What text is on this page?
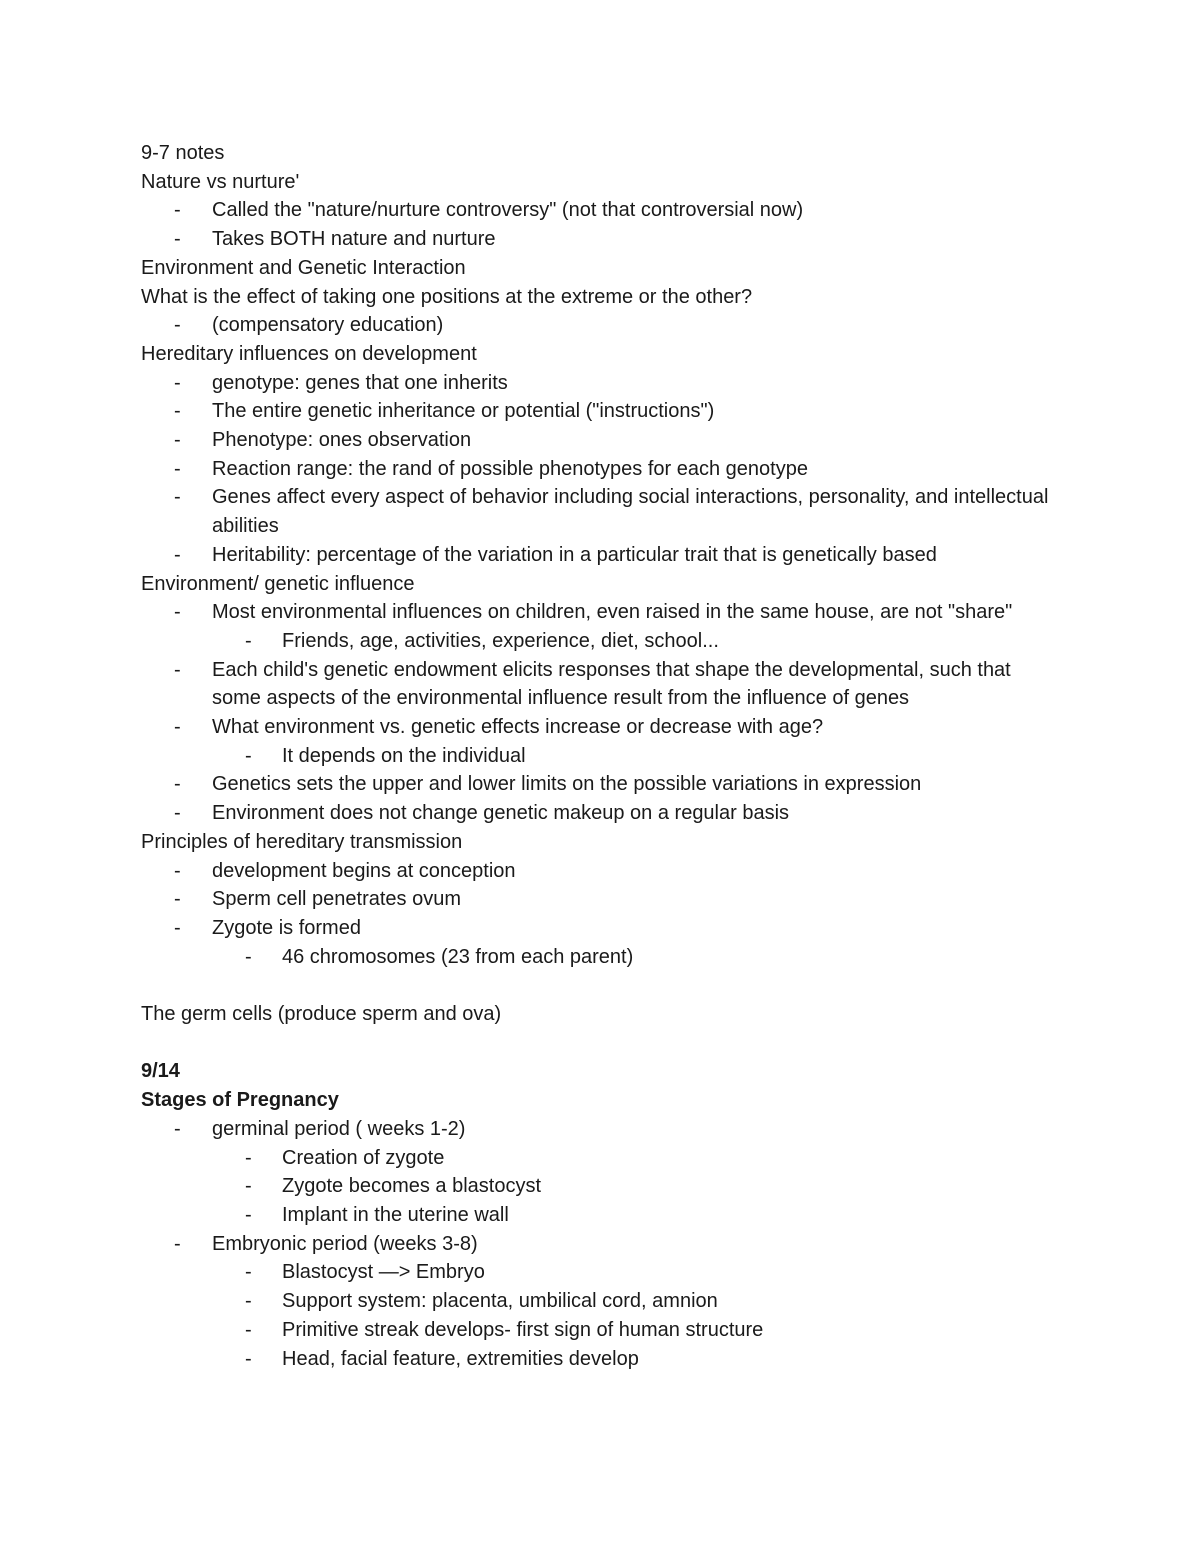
9-7 notes
Nature vs nurture'
- Called the "nature/nurture controversy" (not that controversial now)
- Takes BOTH nature and nurture
Environment and Genetic Interaction
What is the effect of taking one positions at the extreme or the other?
- (compensatory education)
Hereditary influences on development
- genotype: genes that one inherits
- The entire genetic inheritance or potential ("instructions")
- Phenotype: ones observation
- Reaction range: the rand of possible phenotypes for each genotype
- Genes affect every aspect of behavior including social interactions, personality, and intellectual abilities
- Heritability: percentage of the variation in a particular trait that is genetically based
Environment/ genetic influence
- Most environmental influences on children, even raised in the same house, are not "share"
- Friends, age, activities, experience, diet, school...
- Each child's genetic endowment elicits responses that shape the developmental, such that some aspects of the environmental influence result from the influence of genes
- What environment vs. genetic effects increase or decrease with age?
- It depends on the individual
- Genetics sets the upper and lower limits on the possible variations in expression
- Environment does not change genetic makeup on a regular basis
Principles of hereditary transmission
- development begins at conception
- Sperm cell penetrates ovum
- Zygote is formed
- 46 chromosomes (23 from each parent)
The germ cells (produce sperm and ova)
9/14
Stages of Pregnancy
- germinal period ( weeks 1-2)
- Creation of zygote
- Zygote becomes a blastocyst
- Implant in the uterine wall
- Embryonic period (weeks 3-8)
- Blastocyst —> Embryo
- Support system: placenta, umbilical cord, amnion
- Primitive streak develops- first sign of human structure
- Head, facial feature, extremities develop
